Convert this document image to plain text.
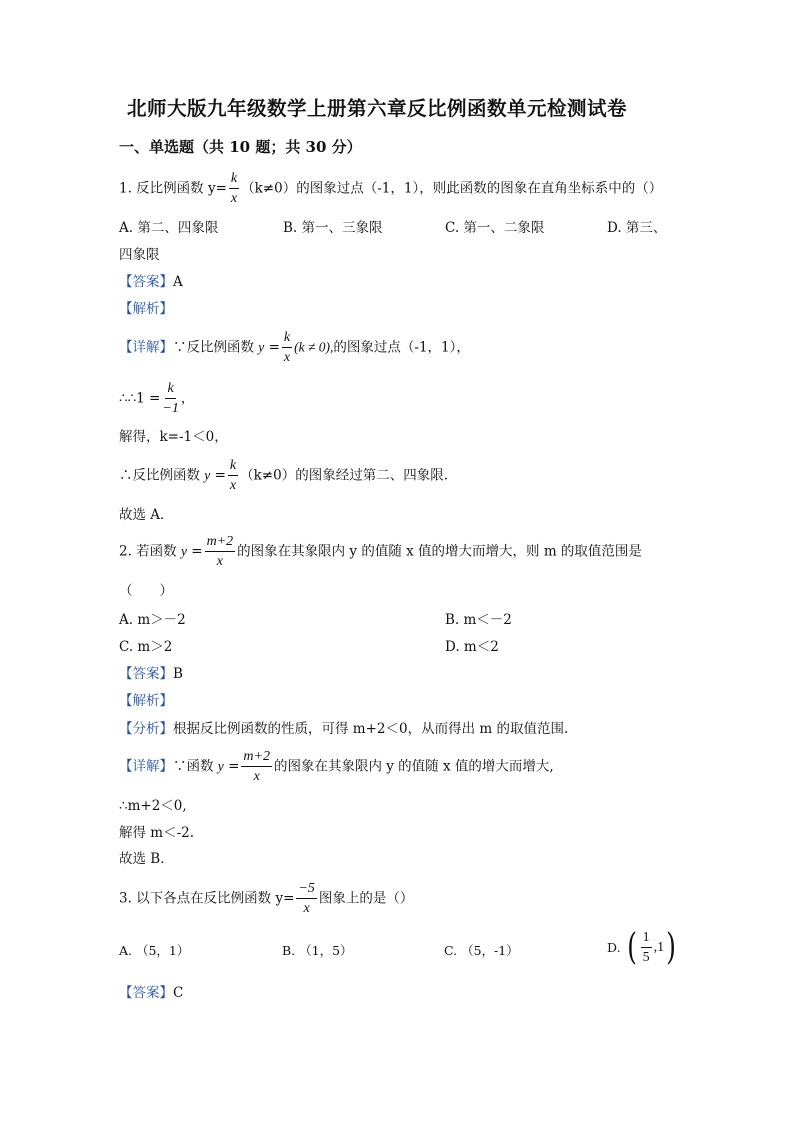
北师大版九年级数学上册第六章反比例函数单元检测试卷
一、单选题（共 10 题；共 30 分）
1. 反比例函数 $y= \frac{k}{x} (k\ne 0)$的图象过点（-1，1），则此函数的图象在直角坐标系中的（）
A. 第二、四象限	B. 第一、三象限	C. 第一、二象限	D. 第三、
四象限
【答案】A
【解析】
【详解】∵反比例函数 $y = \frac{k}{x} (k \ne 0)$,的图象过点（-1，1），
∴∴1 = $\frac{k}{-1}$ ，
解得，k=-1＜0，
∴反比例函数 $y = \frac{k}{x} (k\ne 0)$的图象经过第二、四象限.
故选 A．
2. 若函数 $y = \frac{m+2}{x}$ 的图象在其象限内 y 的值随 x 值的增大而增大，则 m 的取值范围是
（　　）
A. m＞－2	B. m＜－2
C. m＞2	D. m＜2
【答案】B
【解析】
【分析】根据反比例函数的性质，可得 m+2＜0，从而得出 m 的取值范围.
【详解】∵函数 $y = \frac{m+2}{x}$ 的图象在其象限内 y 的值随 x 值的增大而增大,
∴m+2＜0,
解得 m＜-2.
故选 B．
3. 以下各点在反比例函数 $y= \frac{-5}{x}$ 图象上的是（）
A. （5，1）	B. （1，5）	C. （5，-1）	D. ( $\frac{1}{5} ,1$)
【答案】C
